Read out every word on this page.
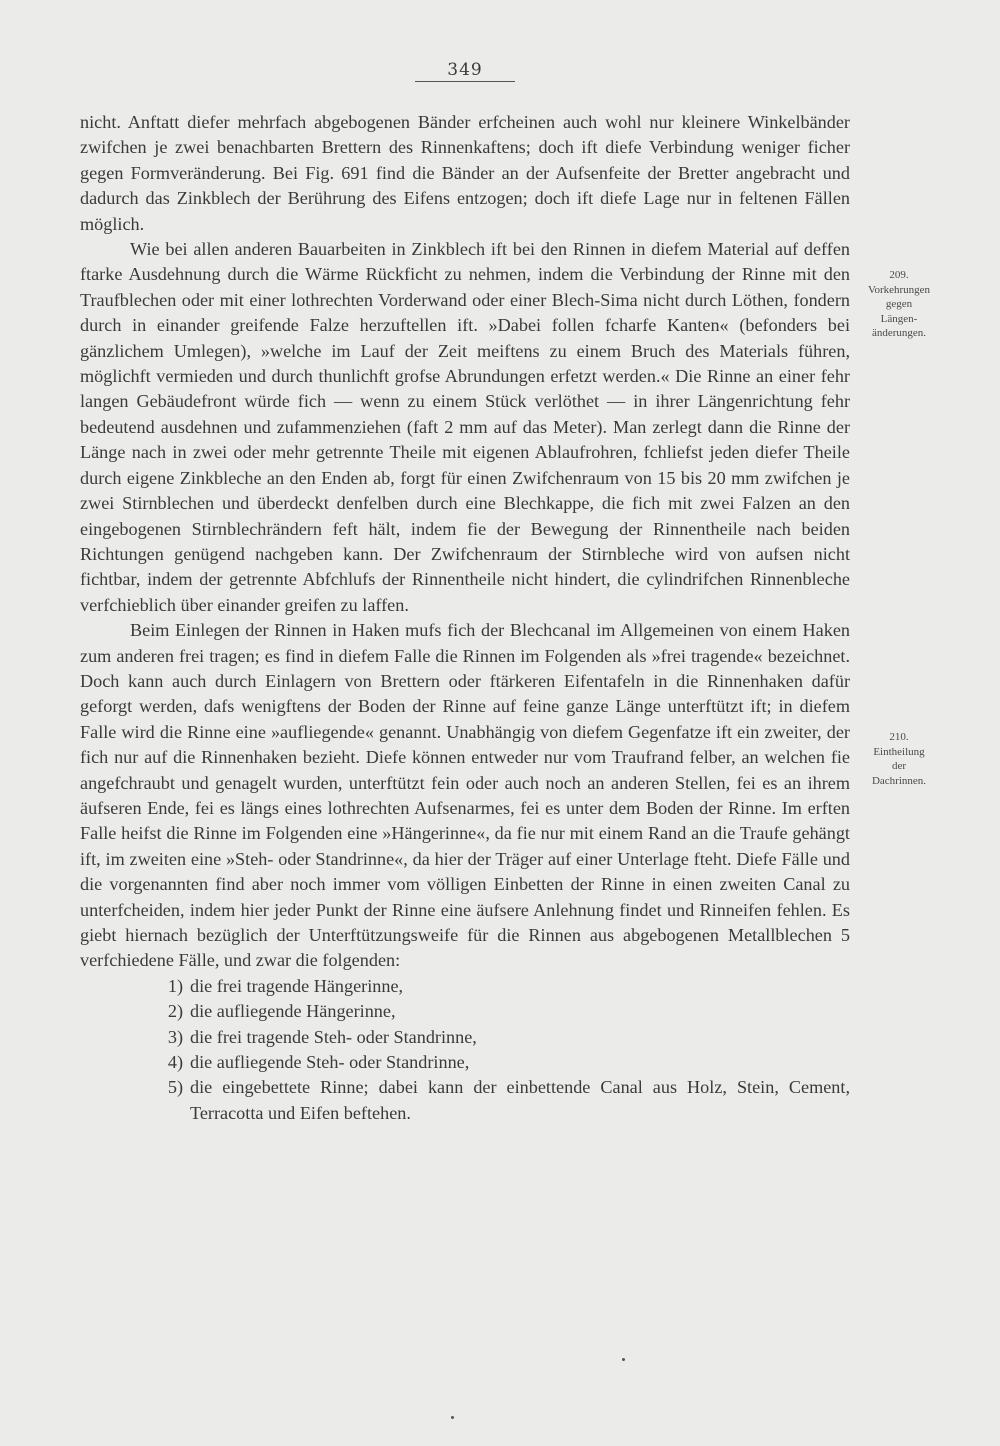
349

nicht. Anftatt diefer mehrfach abgebogenen Bänder erfcheinen auch wohl nur kleinere Winkelbänder zwifchen je zwei benachbarten Brettern des Rinnenkaftens; doch ift diefe Verbindung weniger ficher gegen Formveränderung. Bei Fig. 691 find die Bänder an der Aufsenfeite der Bretter angebracht und dadurch das Zinkblech der Berührung des Eifens entzogen; doch ift diefe Lage nur in feltenen Fällen möglich.

Wie bei allen anderen Bauarbeiten in Zinkblech ift bei den Rinnen in diefem Material auf deffen ftarke Ausdehnung durch die Wärme Rückficht zu nehmen, indem die Verbindung der Rinne mit den Traufblechen oder mit einer lothrechten Vorderwand oder einer Blech-Sima nicht durch Löthen, fondern durch in einander greifende Falze herzuftellen ift. »Dabei follen fcharfe Kanten« (befonders bei gänzlichem Umlegen), »welche im Lauf der Zeit meiftens zu einem Bruch des Materials führen, möglichft vermieden und durch thunlichft grofse Abrundungen erfetzt werden.« Die Rinne an einer fehr langen Gebäudefront würde fich — wenn zu einem Stück verlöthet — in ihrer Längenrichtung fehr bedeutend ausdehnen und zufammenziehen (faft 2 mm auf das Meter). Man zerlegt dann die Rinne der Länge nach in zwei oder mehr getrennte Theile mit eigenen Ablaufrohren, fchliefst jeden diefer Theile durch eigene Zinkbleche an den Enden ab, forgt für einen Zwifchenraum von 15 bis 20 mm zwifchen je zwei Stirnblechen und überdeckt denfelben durch eine Blechkappe, die fich mit zwei Falzen an den eingebogenen Stirnblechrändern feft hält, indem fie der Bewegung der Rinnentheile nach beiden Richtungen genügend nachgeben kann. Der Zwifchenraum der Stirnbleche wird von aufsen nicht fichtbar, indem der getrennte Abfchlufs der Rinnentheile nicht hindert, die cylindrifchen Rinnenbleche verfchieblich über einander greifen zu laffen.

Beim Einlegen der Rinnen in Haken mufs fich der Blechcanal im Allgemeinen von einem Haken zum anderen frei tragen; es find in diefem Falle die Rinnen im Folgenden als »frei tragende« bezeichnet. Doch kann auch durch Einlagern von Brettern oder ftärkeren Eifentafeln in die Rinnenhaken dafür geforgt werden, dafs wenigftens der Boden der Rinne auf feine ganze Länge unterftützt ift; in diefem Falle wird die Rinne eine »aufliegende« genannt. Unabhängig von diefem Gegenfatze ift ein zweiter, der fich nur auf die Rinnenhaken bezieht. Diefe können entweder nur vom Traufrand felber, an welchen fie angefchraubt und genagelt wurden, unterftützt fein oder auch noch an anderen Stellen, fei es an ihrem äufseren Ende, fei es längs eines lothrechten Aufsenarmes, fei es unter dem Boden der Rinne. Im erften Falle heifst die Rinne im Folgenden eine »Hängerinne«, da fie nur mit einem Rand an die Traufe gehängt ift, im zweiten eine »Steh- oder Standrinne«, da hier der Träger auf einer Unterlage fteht. Diefe Fälle und die vorgenannten find aber noch immer vom völligen Einbetten der Rinne in einen zweiten Canal zu unterfcheiden, indem hier jeder Punkt der Rinne eine äufsere Anlehnung findet und Rinneifen fehlen. Es giebt hiernach bezüglich der Unterftützungsweife für die Rinnen aus abgebogenen Metallblechen 5 verfchiedene Fälle, und zwar die folgenden:

1) die frei tragende Hängerinne,
2) die aufliegende Hängerinne,
3) die frei tragende Steh- oder Standrinne,
4) die aufliegende Steh- oder Standrinne,
5) die eingebettete Rinne; dabei kann der einbettende Canal aus Holz, Stein, Cement, Terracotta und Eifen beftehen.
209.
Vorkehrungen
gegen
Längen-
änderungen.
210.
Eintheilung
der
Dachrinnen.
